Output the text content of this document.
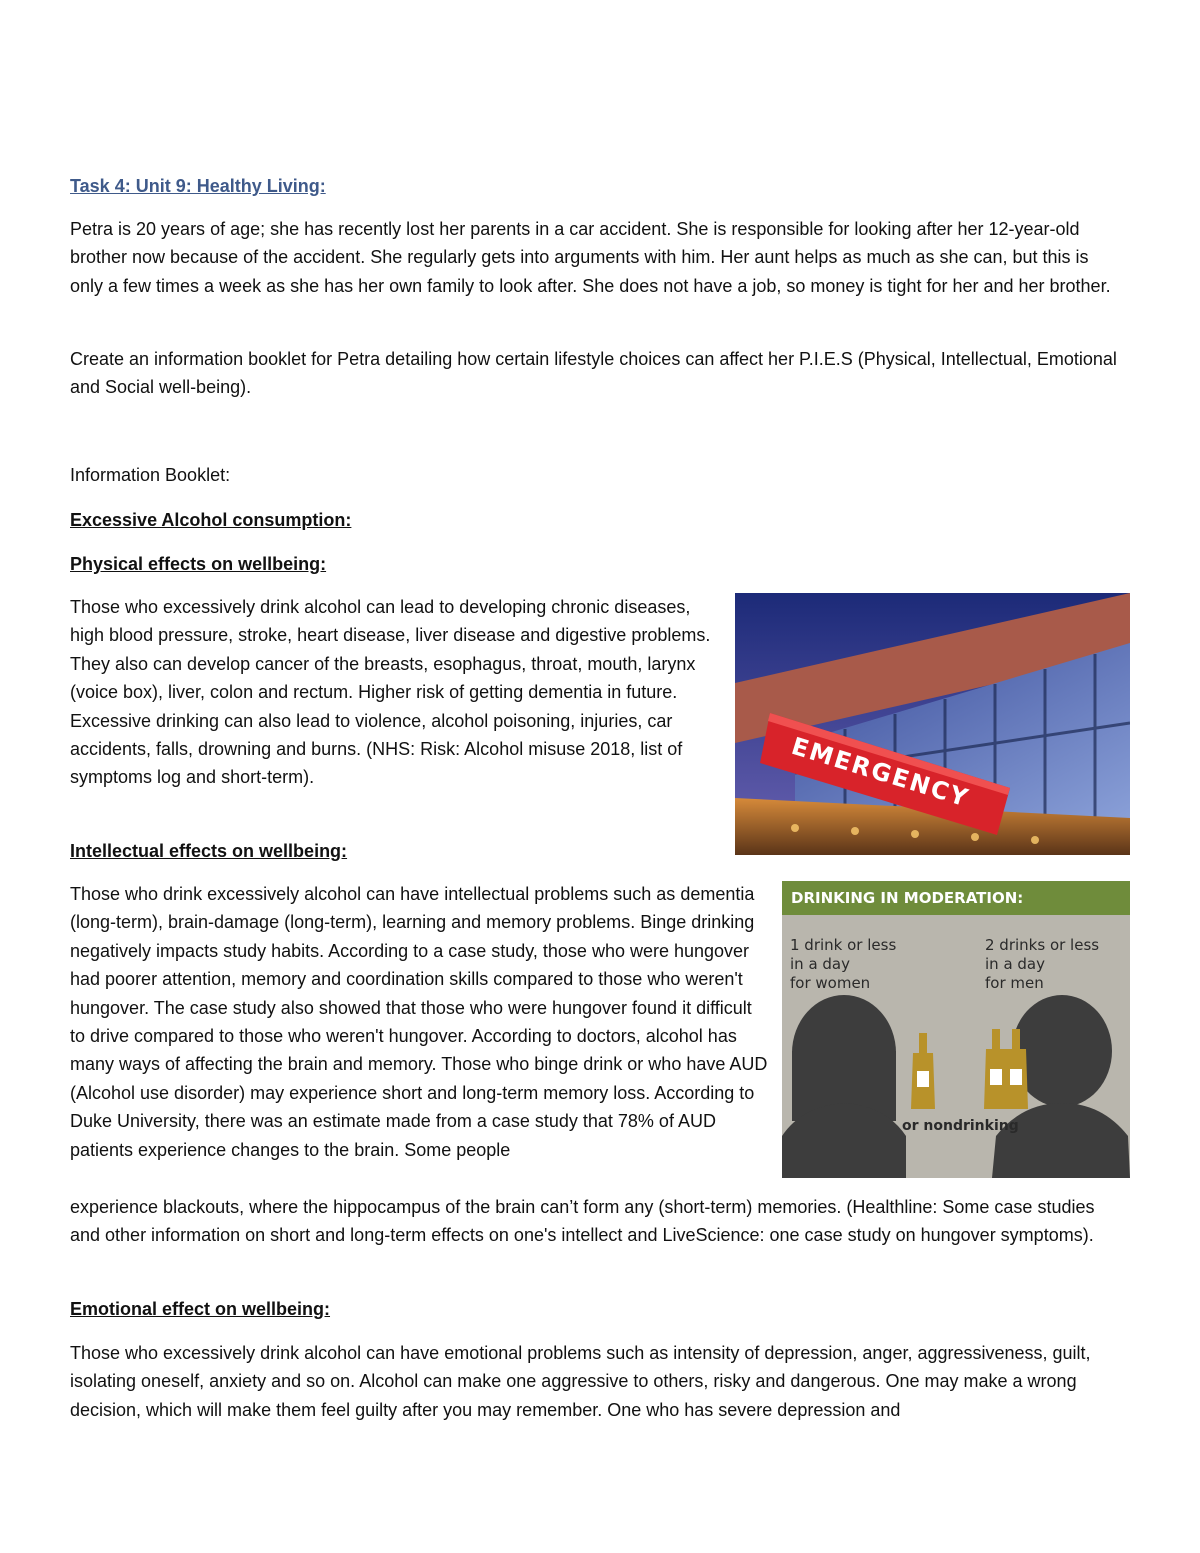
Task 4: Unit 9: Healthy Living:

Petra is 20 years of age; she has recently lost her parents in a car accident. She is responsible for looking after her 12-year-old brother now because of the accident. She regularly gets into arguments with him. Her aunt helps as much as she can, but this is only a few times a week as she has her own family to look after. She does not have a job, so money is tight for her and her brother.

Create an information booklet for Petra detailing how certain lifestyle choices can affect her P.I.E.S (Physical, Intellectual, Emotional and Social well-being).

Information Booklet:

Excessive Alcohol consumption:

Physical effects on wellbeing:

Those who excessively drink alcohol can lead to developing chronic diseases, high blood pressure, stroke, heart disease, liver disease and digestive problems. They also can develop cancer of the breasts, esophagus, throat, mouth, larynx (voice box), liver, colon and rectum. Higher risk of getting dementia in future. Excessive drinking can also lead to violence, alcohol poisoning, injuries, car accidents, falls, drowning and burns. (NHS: Risk: Alcohol misuse 2018, list of symptoms log and short-term).

Intellectual effects on wellbeing:

Those who drink excessively alcohol can have intellectual problems such as dementia (long-term), brain-damage (long-term), learning and memory problems. Binge drinking negatively impacts study habits. According to a case study, those who were hungover had poorer attention, memory and coordination skills compared to those who weren't hungover. The case study also showed that those who were hungover found it difficult to drive compared to those who weren't hungover. According to doctors, alcohol has many ways of affecting the brain and memory. Those who binge drink or who have AUD (Alcohol use disorder) may experience short and long-term memory loss. According to Duke University, there was an estimate made from a case study that 78% of AUD patients experience changes to the brain. Some people

experience blackouts, where the hippocampus of the brain can’t form any (short-term) memories. (Healthline: Some case studies and other information on short and long-term effects on one's intellect and LiveScience: one case study on hungover symptoms).

Emotional effect on wellbeing:

Those who excessively drink alcohol can have emotional problems such as intensity of depression, anger, aggressiveness, guilt, isolating oneself, anxiety and so on. Alcohol can make one aggressive to others, risky and dangerous. One may make a wrong decision, which will make them feel guilty after you may remember. One who has severe depression and

EMERGENCY
DRINKING IN MODERATION:
1 drink or less
in a day
for women
2 drinks or less
in a day
for men
or nondrinking
